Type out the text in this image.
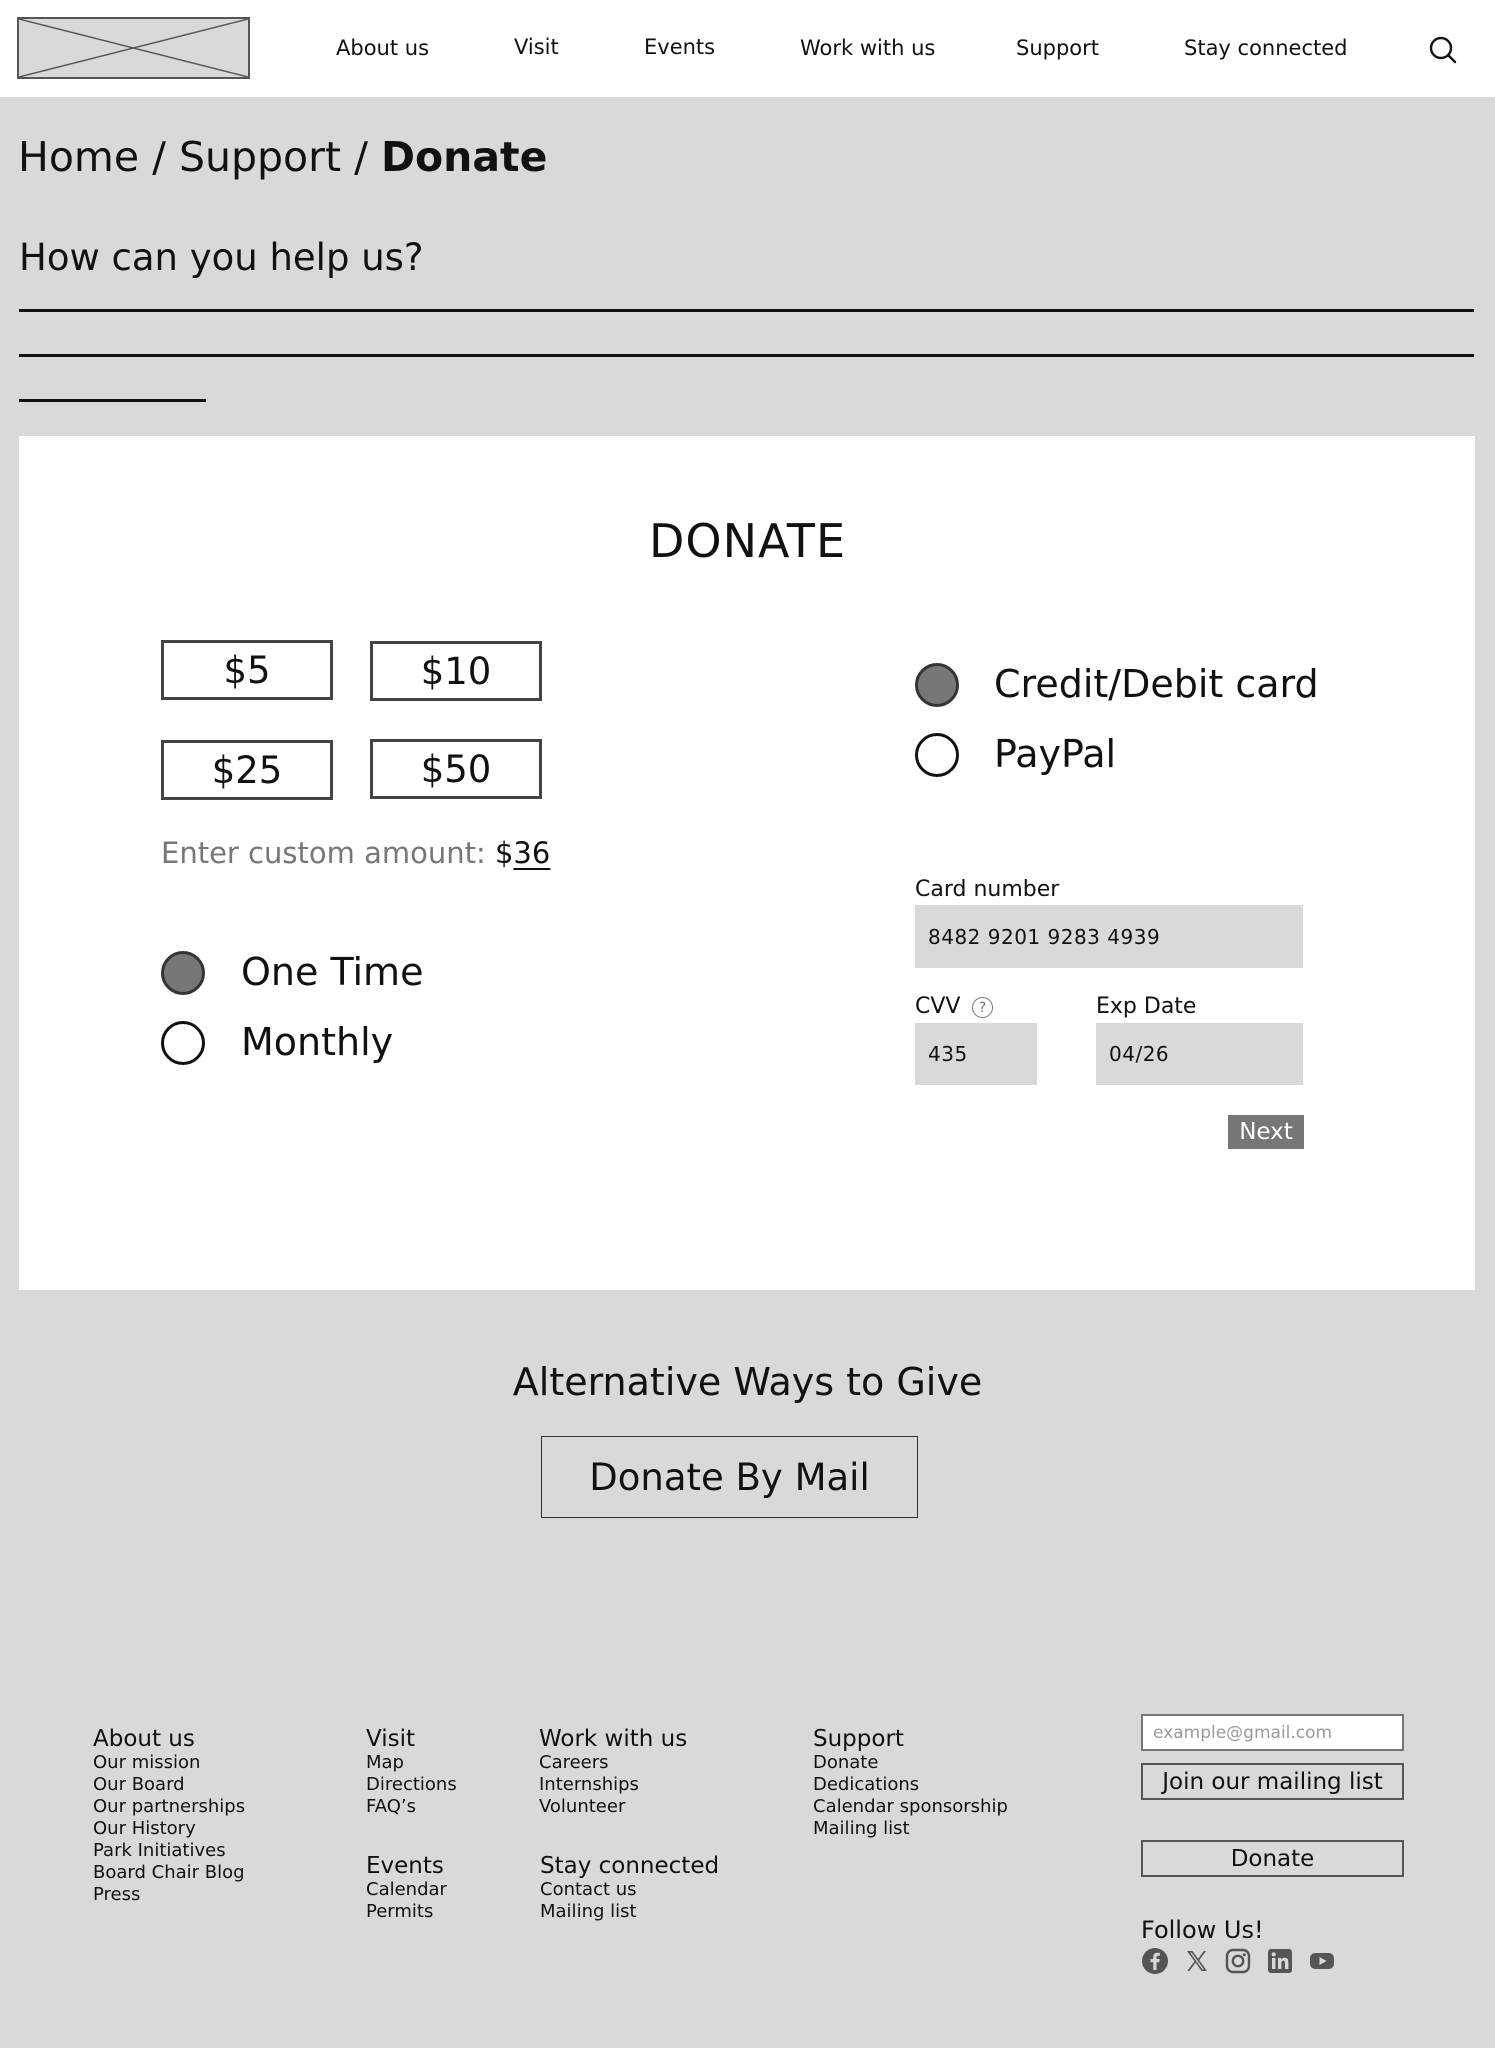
About us	Visit	Events	Work with us	Support	Stay connected
Home / Support / Donate
How can you help us?
DONATE
$5	$10
$25	$50
Enter custom amount: $36
One Time
Monthly
Credit/Debit card
PayPal
Card number
8482 9201 9283 4939
CVV	?
435
Exp Date
04/26
Next
Alternative Ways to Give
Donate By Mail
About us
Our mission
Our Board
Our partnerships
Our History
Park Initiatives
Board Chair Blog
Press
Visit
Map
Directions
FAQ’s
Events
Calendar
Permits
Work with us
Careers
Internships
Volunteer
Stay connected
Contact us
Mailing list
Support
Donate
Dedications
Calendar sponsorship
Mailing list
example@gmail.com
Join our mailing list
Donate
Follow Us!
